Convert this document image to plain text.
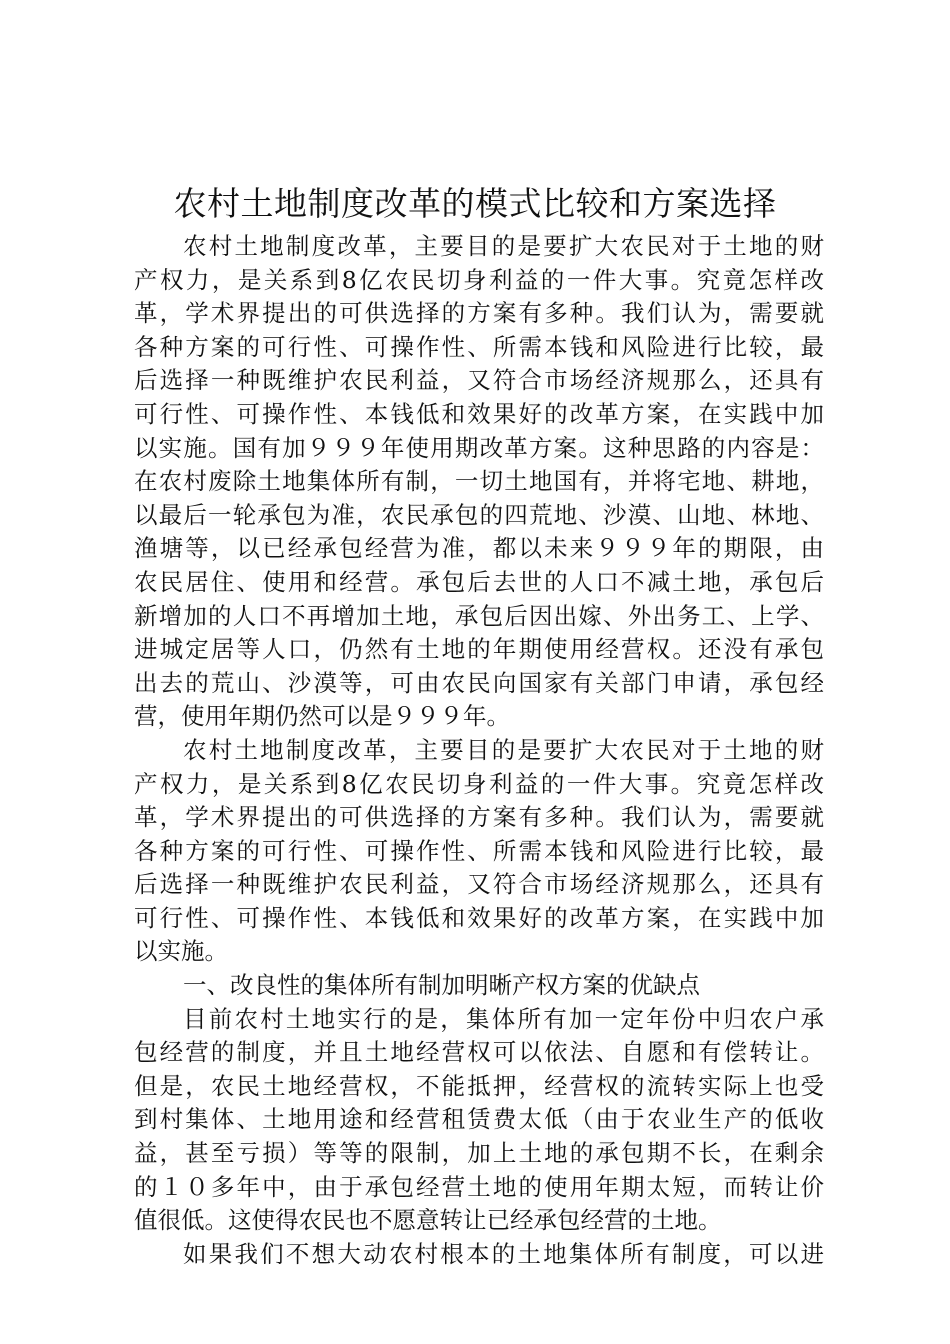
农村土地制度改革的模式比较和方案选择
农村土地制度改革，主要目的是要扩大农民对于土地的财
产权力，是关系到8亿农民切身利益的一件大事。究竟怎样改
革，学术界提出的可供选择的方案有多种。我们认为，需要就
各种方案的可行性、可操作性、所需本钱和风险进行比较，最
后选择一种既维护农民利益，又符合市场经济规那么，还具有
可行性、可操作性、本钱低和效果好的改革方案，在实践中加
以实施。国有加９９９年使用期改革方案。这种思路的内容是：
在农村废除土地集体所有制，一切土地国有，并将宅地、耕地，
以最后一轮承包为准，农民承包的四荒地、沙漠、山地、林地、
渔塘等，以已经承包经营为准，都以未来９９９年的期限，由
农民居住、使用和经营。承包后去世的人口不减土地，承包后
新增加的人口不再增加土地，承包后因出嫁、外出务工、上学、
进城定居等人口，仍然有土地的年期使用经营权。还没有承包
出去的荒山、沙漠等，可由农民向国家有关部门申请，承包经
营，使用年期仍然可以是９９９年。
农村土地制度改革，主要目的是要扩大农民对于土地的财
产权力，是关系到8亿农民切身利益的一件大事。究竟怎样改
革，学术界提出的可供选择的方案有多种。我们认为，需要就
各种方案的可行性、可操作性、所需本钱和风险进行比较，最
后选择一种既维护农民利益，又符合市场经济规那么，还具有
可行性、可操作性、本钱低和效果好的改革方案，在实践中加
以实施。
一、改良性的集体所有制加明晰产权方案的优缺点
目前农村土地实行的是，集体所有加一定年份中归农户承
包经营的制度，并且土地经营权可以依法、自愿和有偿转让。
但是，农民土地经营权，不能抵押，经营权的流转实际上也受
到村集体、土地用途和经营租赁费太低（由于农业生产的低收
益，甚至亏损）等等的限制，加上土地的承包期不长，在剩余
的１０多年中，由于承包经营土地的使用年期太短，而转让价
值很低。这使得农民也不愿意转让已经承包经营的土地。
如果我们不想大动农村根本的土地集体所有制度，可以进
